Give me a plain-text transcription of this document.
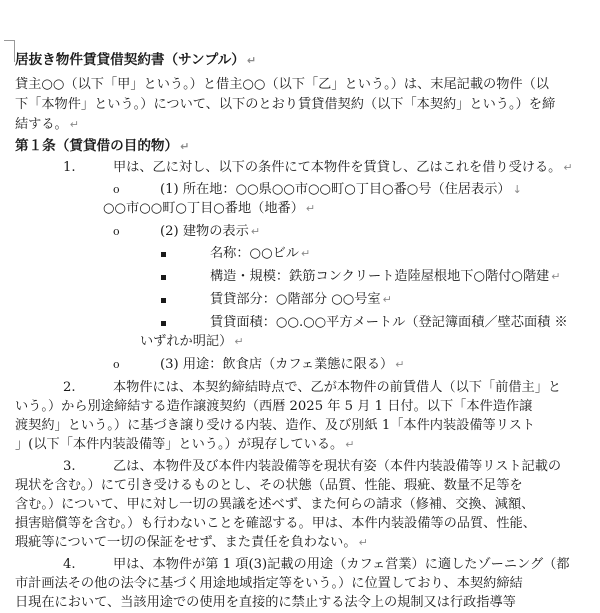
居抜き物件賃貸借契約書（サンプル） ↵
貸主○○（以下「甲」という。）と借主○○（以下「乙」という。）は、末尾記載の物件（以
下「本物件」という。）について、以下のとおり賃貸借契約（以下「本契約」という。）を締
結する。 ↵
第１条（賃貸借の目的物） ↵
1.	甲は、乙に対し、以下の条件にて本物件を賃貸し、乙はこれを借り受ける。 ↵
o	(1) 所在地：○○県○○市○○町○丁目○番○号（住居表示） ↓
○○市○○町○丁目○番地（地番） ↵
o	(2) 建物の表示 ↵
名称：○○ビル ↵
構造・規模：鉄筋コンクリート造陸屋根地下○階付○階建 ↵
賃貸部分：○階部分 ○○号室 ↵
賃貸面積：○○.○○平方メートル（登記簿面積／壁芯面積 ※
いずれか明記） ↵
o	(3) 用途：飲食店（カフェ業態に限る） ↵
2.	本物件には、本契約締結時点で、乙が本物件の前賃借人（以下「前借主」と
いう。）から別途締結する造作譲渡契約（西暦 2025 年 5 月 1 日付。以下「本件造作譲
渡契約」という。）に基づき譲り受ける内装、造作、及び別紙 1「本件内装設備等リスト
」(以下「本件内装設備等」という。）が現存している。 ↵
3.	乙は、本物件及び本件内装設備等を現状有姿（本件内装設備等リスト記載の
現状を含む。）にて引き受けるものとし、その状態（品質、性能、瑕疵、数量不足等を
含む。）について、甲に対し一切の異議を述べず、また何らの請求（修補、交換、減額、
損害賠償等を含む。）も行わないことを確認する。甲は、本件内装設備等の品質、性能、
瑕疵等について一切の保証をせず、また責任を負わない。 ↵
4.	甲は、本物件が第 1 項(3)記載の用途（カフェ営業）に適したゾーニング（都
市計画法その他の法令に基づく用途地域指定等をいう。）に位置しており、本契約締結
日現在において、当該用途での使用を直接的に禁止する法令上の規制又は行政指導等
